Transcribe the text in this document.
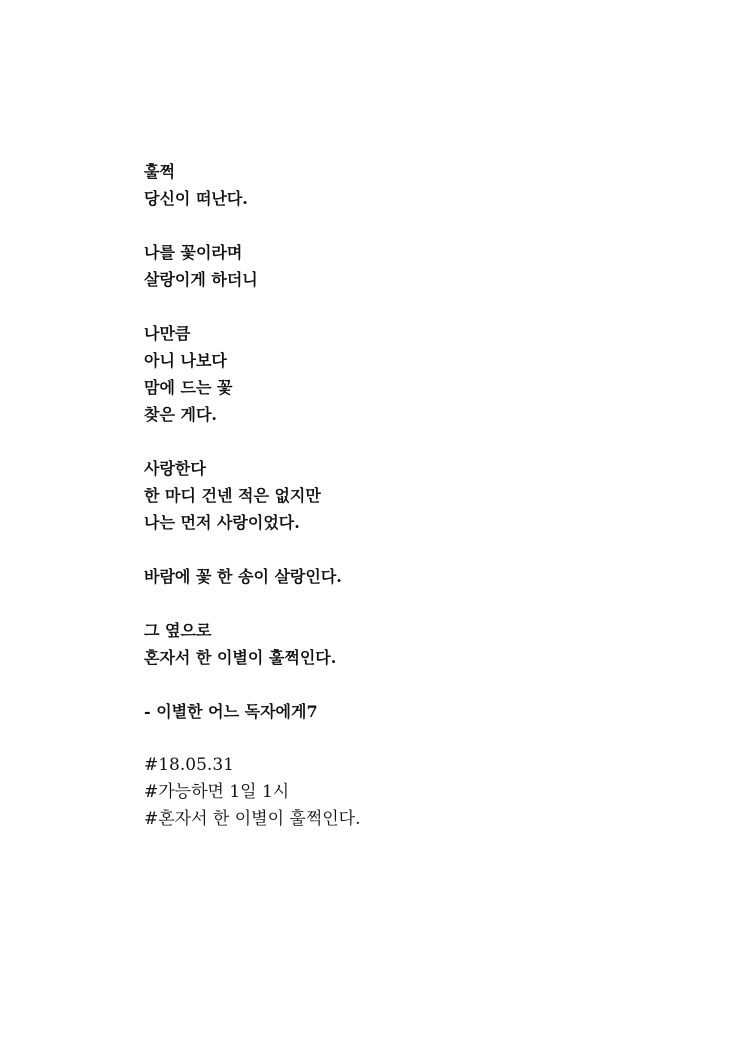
훌쩍
당신이 떠난다.
나를 꽃이라며
살랑이게 하더니
나만큼
아니 나보다
맘에 드는 꽃
찾은 게다.
사랑한다
한 마디 건넨 적은 없지만
나는 먼저 사랑이었다.
바람에 꽃 한 송이 살랑인다.
그 옆으로
혼자서 한 이별이 훌쩍인다.
- 이별한 어느 독자에게7
#18.05.31
#가능하면 1일 1시
#혼자서 한 이별이 훌쩍인다.
